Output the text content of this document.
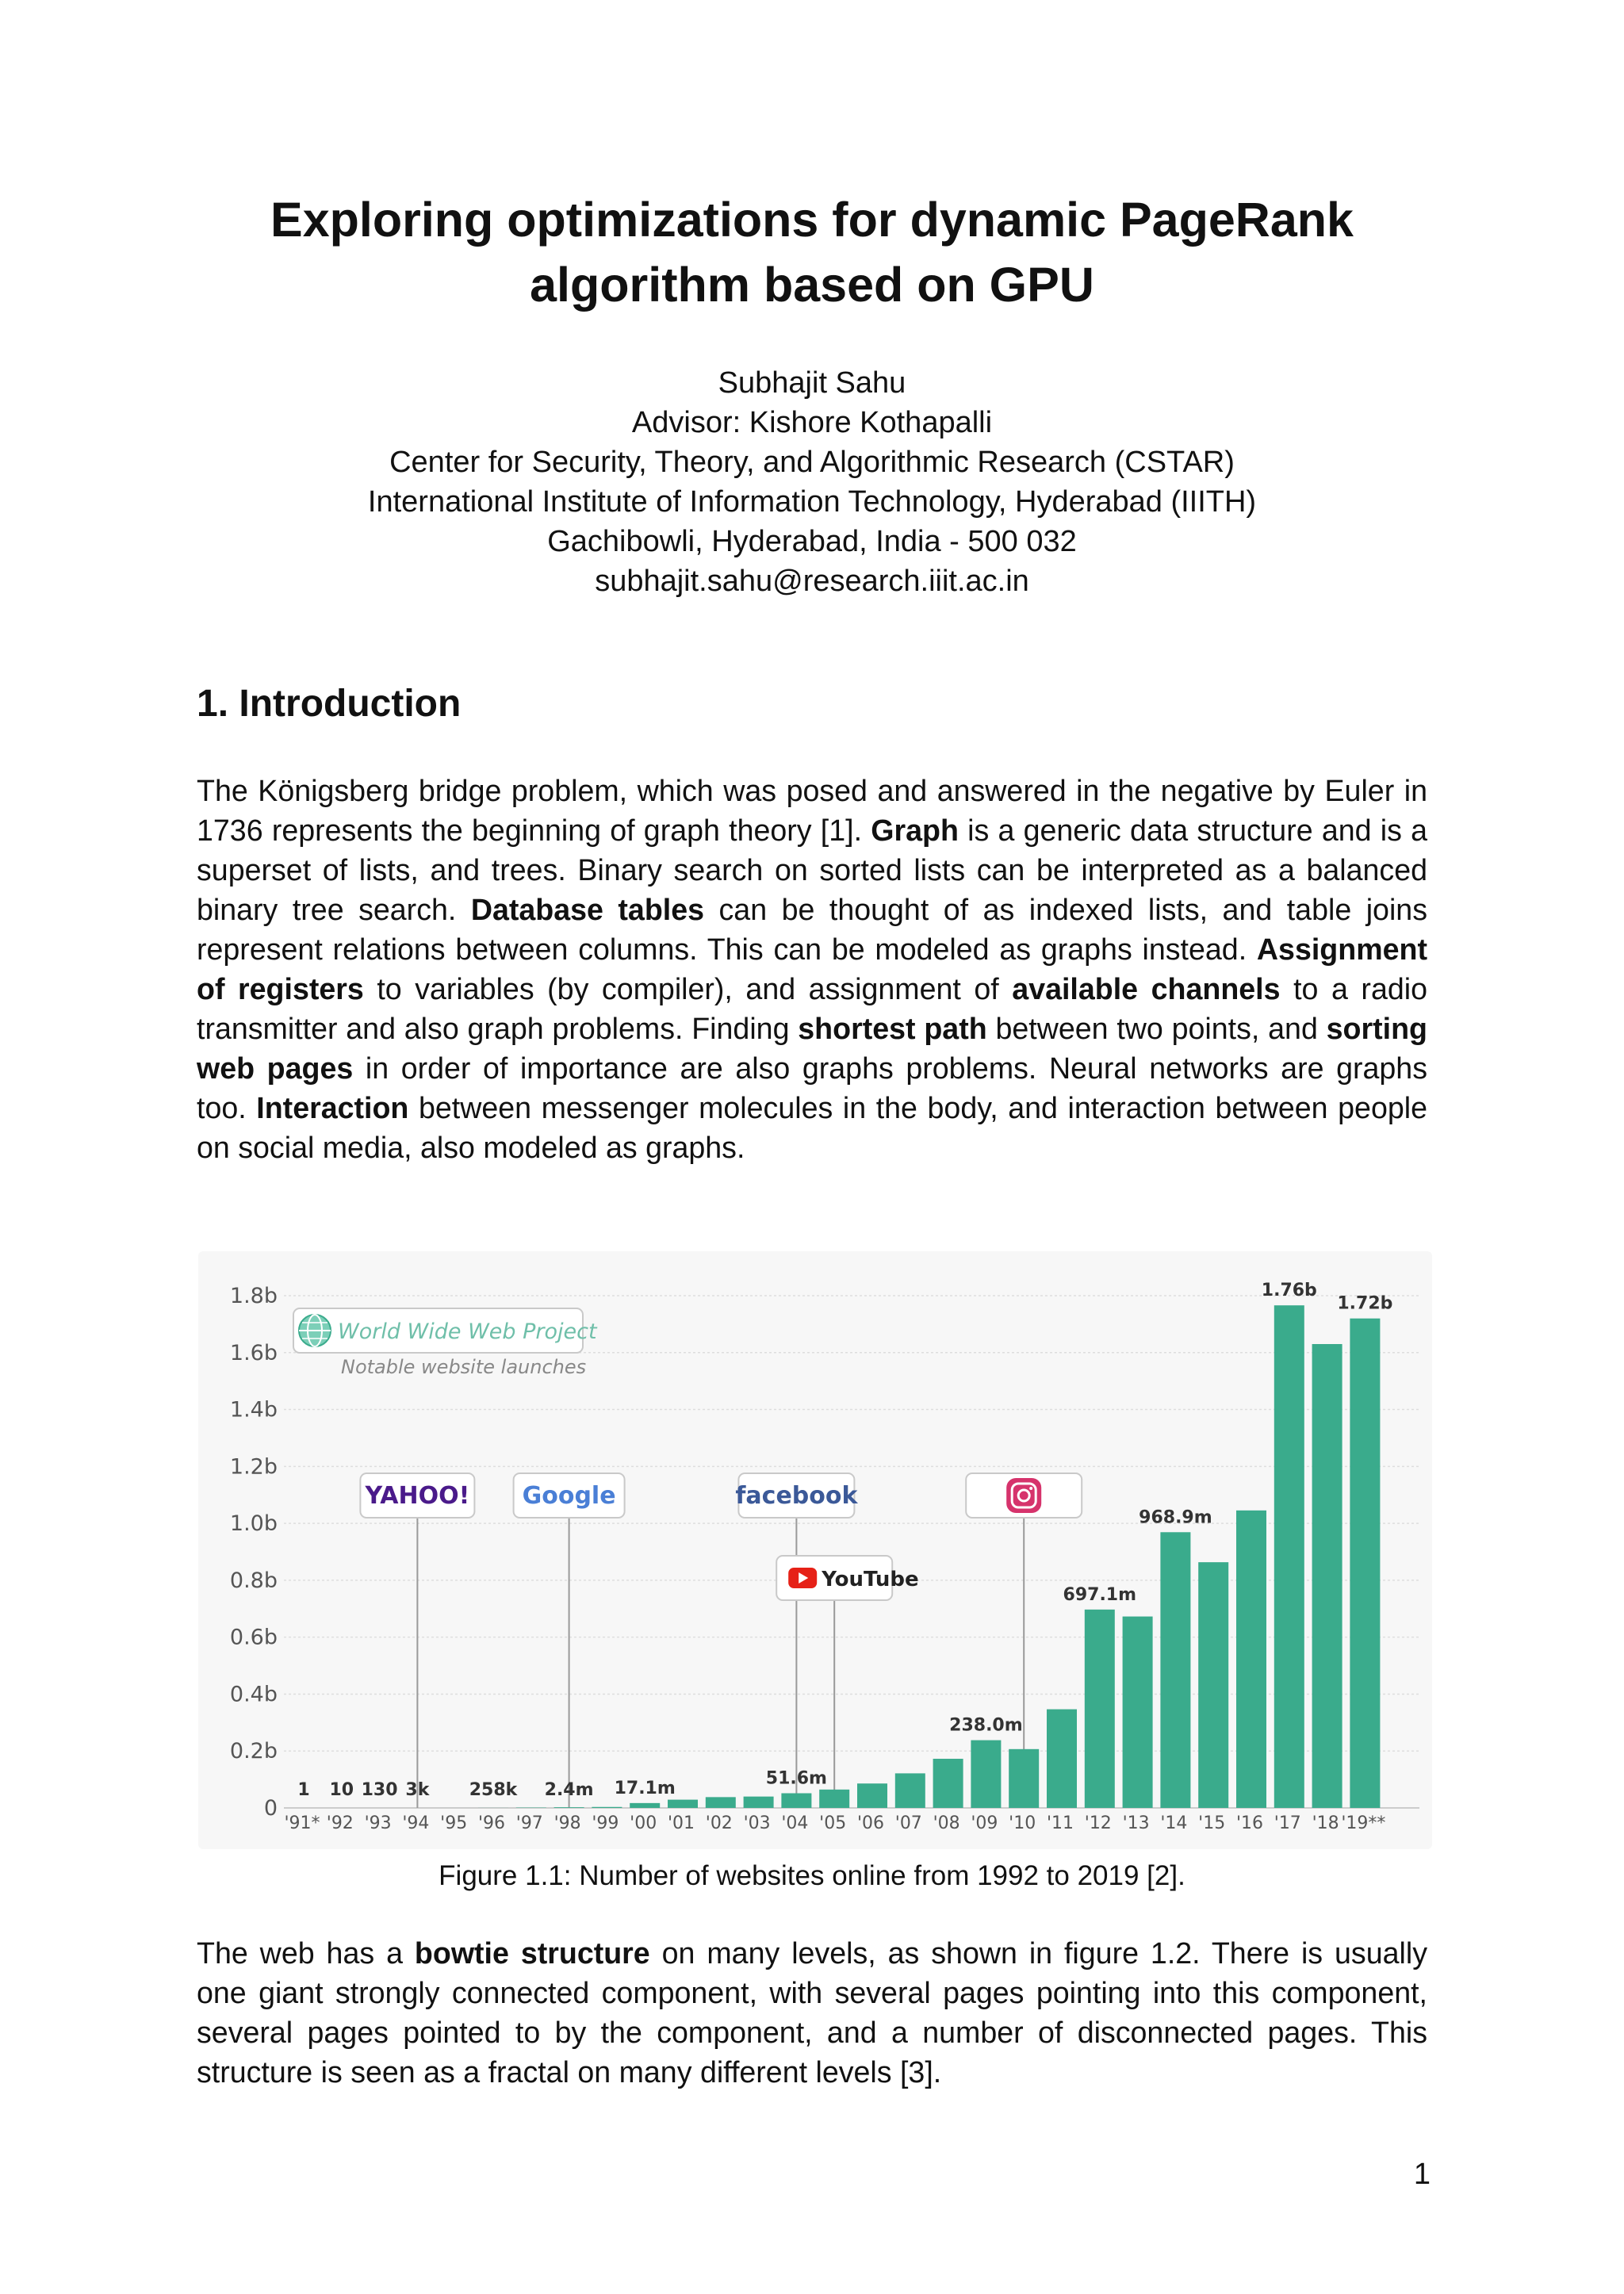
Exploring optimizations for dynamic PageRank algorithm based on GPU
Subhajit Sahu
Advisor: Kishore Kothapalli
Center for Security, Theory, and Algorithmic Research (CSTAR)
International Institute of Information Technology, Hyderabad (IIITH)
Gachibowli, Hyderabad, India - 500 032
subhajit.sahu@research.iiit.ac.in
1. Introduction

The Königsberg bridge problem, which was posed and answered in the negative by Euler in 1736 represents the beginning of graph theory [1]. Graph is a generic data structure and is a superset of lists, and trees. Binary search on sorted lists can be interpreted as a balanced binary tree search. Database tables can be thought of as indexed lists, and table joins represent relations between columns. This can be modeled as graphs instead. Assignment of registers to variables (by compiler), and assignment of available channels to a radio transmitter and also graph problems. Finding shortest path between two points, and sorting web pages in order of importance are also graphs problems. Neural networks are graphs too. Interaction between messenger molecules in the body, and interaction between people on social media, also modeled as graphs.

0
0.2b
0.4b
0.6b
0.8b
1.0b
1.2b
1.4b
1.6b
1.8b
YAHOO! Google	facebook
YouTube
'91*
1
'92
10
'93
130
'94
3k
'95 '96
258k
'97 '98
2.4m
'99 '00
17.1m
'01 '02 '03 '04
51.6m
'05 '06 '07 '08 '09
238.0m
'10 '11 '12
697.1m
'13 '14
968.9m
'15 '16 '17
1.76b
'18 '19**
1.72b
World Wide Web Project
Notable website launches
Figure 1.1: Number of websites online from 1992 to 2019 [2].

The web has a bowtie structure on many levels, as shown in figure 1.2. There is usually one giant strongly connected component, with several pages pointing into this component, several pages pointed to by the component, and a number of disconnected pages. This structure is seen as a fractal on many different levels [3].

1
